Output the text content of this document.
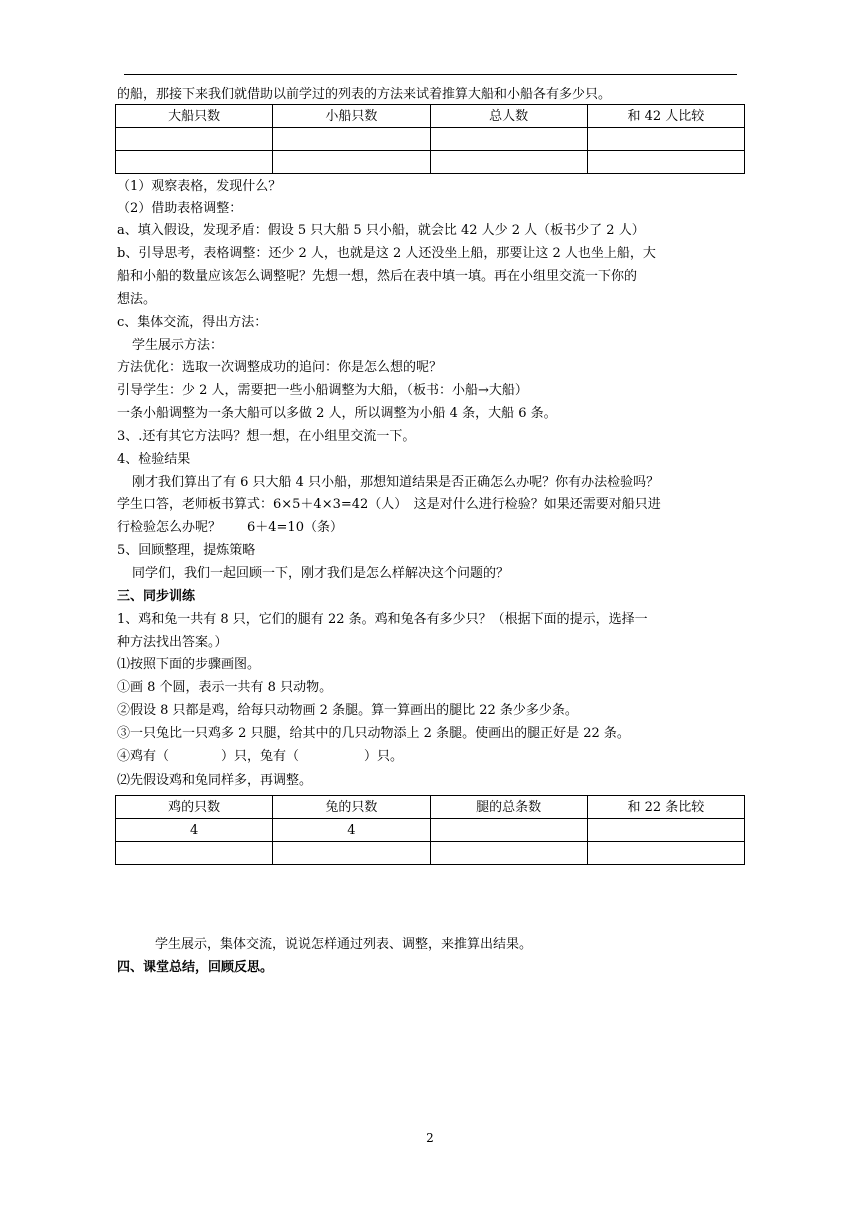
的船，那接下来我们就借助以前学过的列表的方法来试着推算大船和小船各有多少只。
大船只数	小船只数	总人数	和 42 人比较

（1）观察表格，发现什么？
（2）借助表格调整：
a、填入假设，发现矛盾：假设 5 只大船 5 只小船，就会比 42 人少 2 人（板书少了 2 人）
b、引导思考，表格调整：还少 2 人，也就是这 2 人还没坐上船，那要让这 2 人也坐上船，大
船和小船的数量应该怎么调整呢？先想一想，然后在表中填一填。再在小组里交流一下你的
想法。
c、集体交流，得出方法：
学生展示方法：
方法优化：选取一次调整成功的追问：你是怎么想的呢？
引导学生：少 2 人，需要把一些小船调整为大船，（板书：小船→大船）
一条小船调整为一条大船可以多做 2 人，所以调整为小船 4 条，大船 6 条。
3、.还有其它方法吗？想一想，在小组里交流一下。
4、检验结果
刚才我们算出了有 6 只大船 4 只小船，那想知道结果是否正确怎么办呢？你有办法检验吗？
学生口答，老师板书算式：6×5＋4×3=42（人）　这是对什么进行检验？如果还需要对船只进
行检验怎么办呢？　　6＋4=10（条）
5、回顾整理，提炼策略
同学们，我们一起回顾一下，刚才我们是怎么样解决这个问题的？
三、同步训练
1、鸡和兔一共有 8 只，它们的腿有 22 条。鸡和兔各有多少只？（根据下面的提示，选择一
种方法找出答案。）
⑴按照下面的步骤画图。
①画 8 个圆，表示一共有 8 只动物。
②假设 8 只都是鸡，给每只动物画 2 条腿。算一算画出的腿比 22 条少多少条。
③一只兔比一只鸡多 2 只腿，给其中的几只动物添上 2 条腿。使画出的腿正好是 22 条。
④鸡有（　　　　）只，兔有（　　　　　）只。
⑵先假设鸡和兔同样多，再调整。
鸡的只数	兔的只数	腿的总条数	和 22 条比较
4	4		

学生展示，集体交流，说说怎样通过列表、调整，来推算出结果。
四、课堂总结，回顾反思。
2
